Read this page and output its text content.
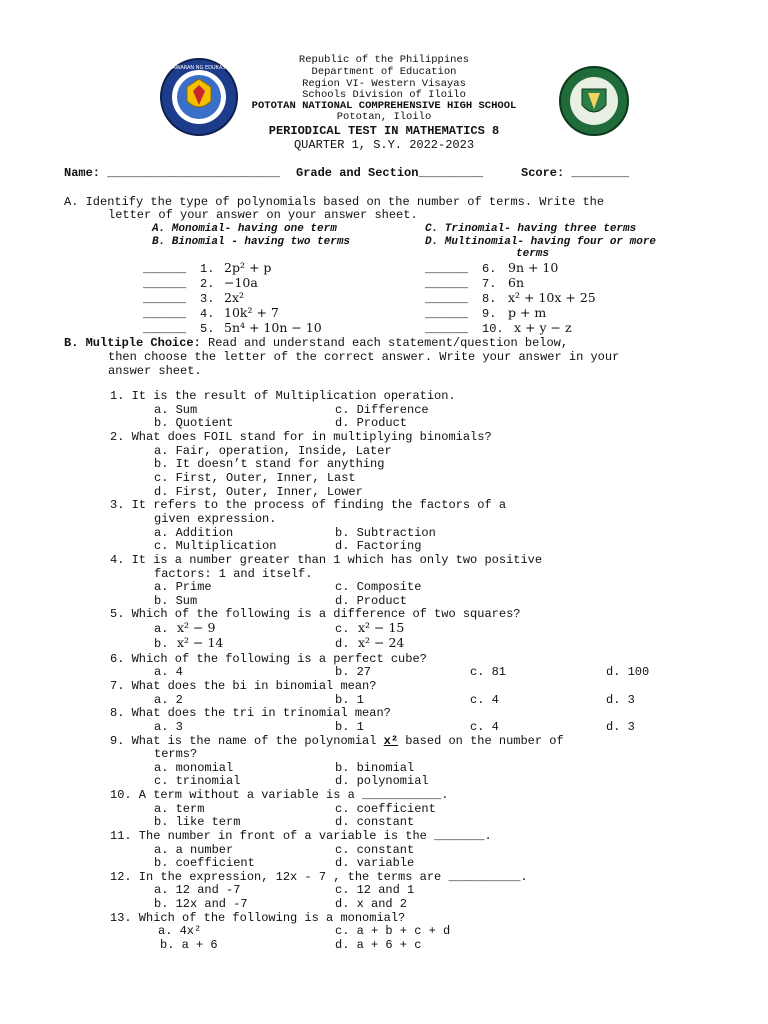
KAGAWARAN NG EDUKASYON
Republic of the Philippines
Department of Education
Region VI- Western Visayas
Schools Division of Iloilo
POTOTAN NATIONAL COMPREHENSIVE HIGH SCHOOL
Pototan, Iloilo
PERIODICAL TEST IN MATHEMATICS 8
QUARTER 1, S.Y. 2022-2023
Name: ________________________ Grade and Section_________	Score: ________
A. Identify the type of polynomials based on the number of terms. Write the
letter of your answer on your answer sheet.
A. Monomial- having one term
B. Binomial - having two terms
C. Trinomial- having three terms
D. Multinomial- having four or more
terms
______ 1. 2p² + p
______ 2. −10a
______ 3. 2x²
______ 4. 10k² + 7
______ 5. 5n⁴ + 10n − 10
______ 6. 9n + 10
______ 7. 6n
______ 8. x² + 10x + 25
______ 9. p + m
______ 10. x + y − z
B. Multiple Choice: Read and understand each statement/question below,
then choose the letter of the correct answer. Write your answer in your
answer sheet.
1. It is the result of Multiplication operation.
a. Sum	c. Difference
b. Quotient	d. Product
2. What does FOIL stand for in multiplying binomials?
a. Fair, operation, Inside, Later
b. It doesn’t stand for anything
c. First, Outer, Inner, Last
d. First, Outer, Inner, Lower
3. It refers to the process of finding the factors of a
given expression.
a. Addition	b. Subtraction
c. Multiplication	d. Factoring
4. It is a number greater than 1 which has only two positive
factors: 1 and itself.
a. Prime	c. Composite
b. Sum	d. Product
5. Which of the following is a difference of two squares?
a. x² − 9	c. x² − 15
b. x² − 14	d. x² − 24
6. Which of the following is a perfect cube?
a. 4	b. 27	c. 81	d. 100
7. What does the bi in binomial mean?
a. 2	b. 1	c. 4	d. 3
8. What does the tri in trinomial mean?
a. 3	b. 1	c. 4	d. 3
9. What is the name of the polynomial x² based on the number of
terms?
a. monomial	b. binomial
c. trinomial	d. polynomial
10. A term without a variable is a ___________.
a. term	c. coefficient
b. like term	d. constant
11. The number in front of a variable is the _______.
a. a number	c. constant
b. coefficient	d. variable
12. In the expression, 12x - 7 , the terms are __________.
a. 12 and -7	c. 12 and 1
b. 12x and -7	d. x and 2
13. Which of the following is a monomial?
a. 4x²	c. a + b + c + d
b. a + 6	d. a + 6 + c
